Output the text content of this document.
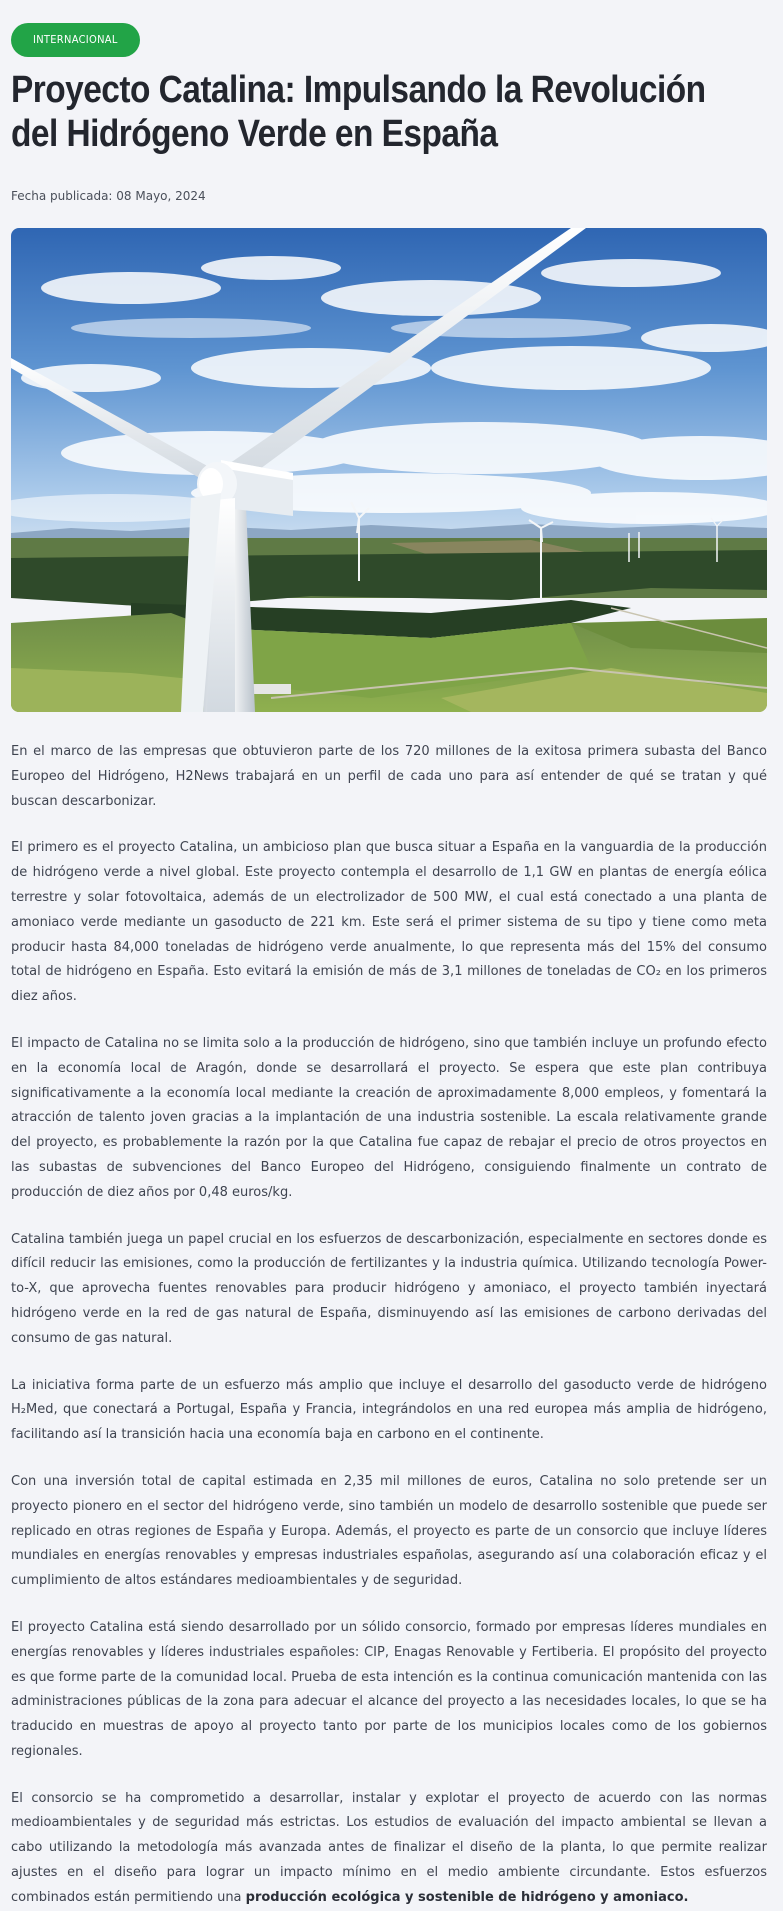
INTERNACIONAL
Proyecto Catalina: Impulsando la Revolución
del Hidrógeno Verde en España
Fecha publicada: 08 Mayo, 2024

En el marco de las empresas que obtuvieron parte de los 720 millones de la exitosa primera subasta del Banco Europeo del Hidrógeno, H2News trabajará en un perfil de cada uno para así entender de qué se tratan y qué buscan descarbonizar.

El primero es el proyecto Catalina, un ambicioso plan que busca situar a España en la vanguardia de la producción de hidrógeno verde a nivel global. Este proyecto contempla el desarrollo de 1,1 GW en plantas de energía eólica terrestre y solar fotovoltaica, además de un electrolizador de 500 MW, el cual está conectado a una planta de amoniaco verde mediante un gasoducto de 221 km. Este será el primer sistema de su tipo y tiene como meta producir hasta 84,000 toneladas de hidrógeno verde anualmente, lo que representa más del 15% del consumo total de hidrógeno en España. Esto evitará la emisión de más de 3,1 millones de toneladas de CO₂ en los primeros diez años.

El impacto de Catalina no se limita solo a la producción de hidrógeno, sino que también incluye un profundo efecto en la economía local de Aragón, donde se desarrollará el proyecto. Se espera que este plan contribuya significativamente a la economía local mediante la creación de aproximadamente 8,000 empleos, y fomentará la atracción de talento joven gracias a la implantación de una industria sostenible. La escala relativamente grande del proyecto, es probablemente la razón por la que Catalina fue capaz de rebajar el precio de otros proyectos en las subastas de subvenciones del Banco Europeo del Hidrógeno, consiguiendo finalmente un contrato de producción de diez años por 0,48 euros/kg.

Catalina también juega un papel crucial en los esfuerzos de descarbonización, especialmente en sectores donde es difícil reducir las emisiones, como la producción de fertilizantes y la industria química. Utilizando tecnología Power-to-X, que aprovecha fuentes renovables para producir hidrógeno y amoniaco, el proyecto también inyectará hidrógeno verde en la red de gas natural de España, disminuyendo así las emisiones de carbono derivadas del consumo de gas natural.

La iniciativa forma parte de un esfuerzo más amplio que incluye el desarrollo del gasoducto verde de hidrógeno H₂Med, que conectará a Portugal, España y Francia, integrándolos en una red europea más amplia de hidrógeno, facilitando así la transición hacia una economía baja en carbono en el continente.

Con una inversión total de capital estimada en 2,35 mil millones de euros, Catalina no solo pretende ser un proyecto pionero en el sector del hidrógeno verde, sino también un modelo de desarrollo sostenible que puede ser replicado en otras regiones de España y Europa. Además, el proyecto es parte de un consorcio que incluye líderes mundiales en energías renovables y empresas industriales españolas, asegurando así una colaboración eficaz y el cumplimiento de altos estándares medioambientales y de seguridad.

El proyecto Catalina está siendo desarrollado por un sólido consorcio, formado por empresas líderes mundiales en energías renovables y líderes industriales españoles: CIP, Enagas Renovable y Fertiberia. El propósito del proyecto es que forme parte de la comunidad local. Prueba de esta intención es la continua comunicación mantenida con las administraciones públicas de la zona para adecuar el alcance del proyecto a las necesidades locales, lo que se ha traducido en muestras de apoyo al proyecto tanto por parte de los municipios locales como de los gobiernos regionales.

El consorcio se ha comprometido a desarrollar, instalar y explotar el proyecto de acuerdo con las normas medioambientales y de seguridad más estrictas. Los estudios de evaluación del impacto ambiental se llevan a cabo utilizando la metodología más avanzada antes de finalizar el diseño de la planta, lo que permite realizar ajustes en el diseño para lograr un impacto mínimo en el medio ambiente circundante. Estos esfuerzos combinados están permitiendo una producción ecológica y sostenible de hidrógeno y amoniaco.
